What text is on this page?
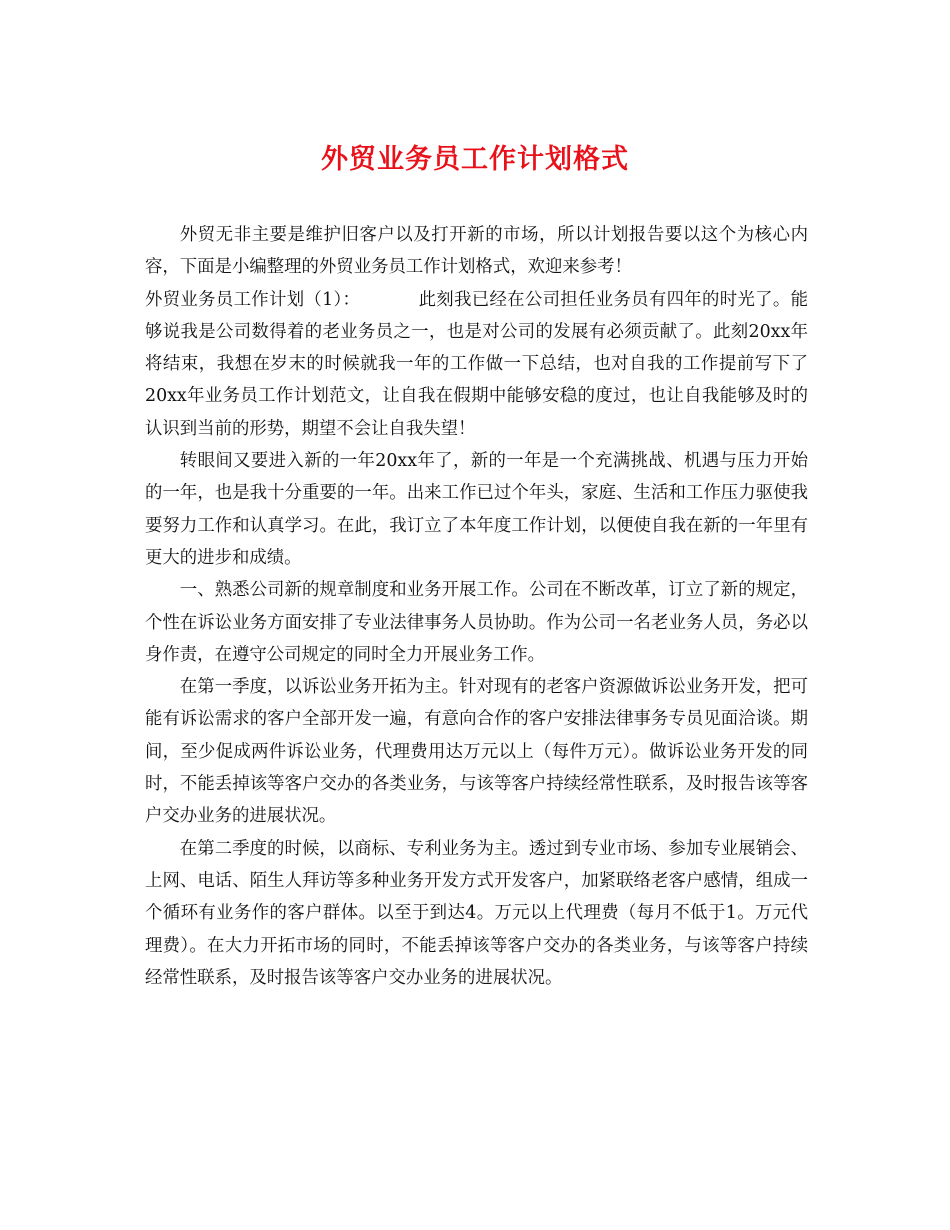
外贸业务员工作计划格式

外贸无非主要是维护旧客户以及打开新的市场，所以计划报告要以这个为核心内容，下面是小编整理的外贸业务员工作计划格式，欢迎来参考！

外贸业务员工作计划（1）：	此刻我已经在公司担任业务员有四年的时光了。能够说我是公司数得着的老业务员之一，也是对公司的发展有必须贡献了。此刻20xx年将结束，我想在岁末的时候就我一年的工作做一下总结，也对自我的工作提前写下了20xx年业务员工作计划范文，让自我在假期中能够安稳的度过，也让自我能够及时的认识到当前的形势，期望不会让自我失望！

转眼间又要进入新的一年20xx年了，新的一年是一个充满挑战、机遇与压力开始的一年，也是我十分重要的一年。出来工作已过个年头，家庭、生活和工作压力驱使我要努力工作和认真学习。在此，我订立了本年度工作计划，以便使自我在新的一年里有更大的进步和成绩。

一、熟悉公司新的规章制度和业务开展工作。公司在不断改革，订立了新的规定，个性在诉讼业务方面安排了专业法律事务人员协助。作为公司一名老业务人员，务必以身作责，在遵守公司规定的同时全力开展业务工作。

在第一季度，以诉讼业务开拓为主。针对现有的老客户资源做诉讼业务开发，把可能有诉讼需求的客户全部开发一遍，有意向合作的客户安排法律事务专员见面洽谈。期间，至少促成两件诉讼业务，代理费用达万元以上（每件万元）。做诉讼业务开发的同时，不能丢掉该等客户交办的各类业务，与该等客户持续经常性联系，及时报告该等客户交办业务的进展状况。

在第二季度的时候，以商标、专利业务为主。透过到专业市场、参加专业展销会、上网、电话、陌生人拜访等多种业务开发方式开发客户，加紧联络老客户感情，组成一个循环有业务作的客户群体。以至于到达4。万元以上代理费（每月不低于1。万元代理费）。在大力开拓市场的同时，不能丢掉该等客户交办的各类业务，与该等客户持续经常性联系，及时报告该等客户交办业务的进展状况。
